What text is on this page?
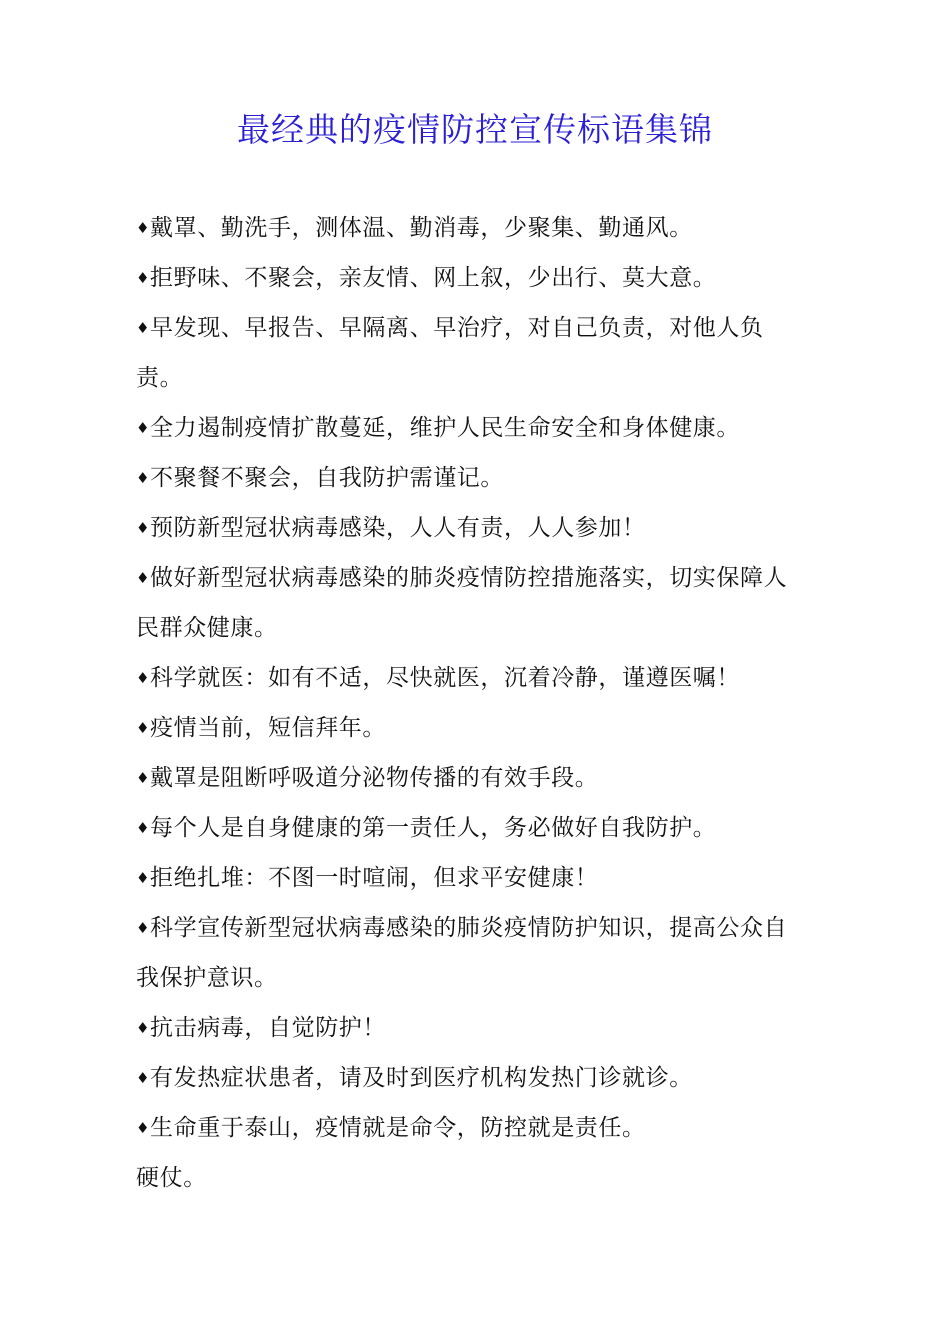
最经典的疫情防控宣传标语集锦
♦戴罩、勤洗手，测体温、勤消毒，少聚集、勤通风。
♦拒野味、不聚会，亲友情、网上叙，少出行、莫大意。
♦早发现、早报告、早隔离、早治疗，对自己负责，对他人负
责。
♦全力遏制疫情扩散蔓延，维护人民生命安全和身体健康。
♦不聚餐不聚会，自我防护需谨记。
♦预防新型冠状病毒感染，人人有责，人人参加！
♦做好新型冠状病毒感染的肺炎疫情防控措施落实，切实保障人
民群众健康。
♦科学就医：如有不适，尽快就医，沉着冷静，谨遵医嘱！
♦疫情当前，短信拜年。
♦戴罩是阻断呼吸道分泌物传播的有效手段。
♦每个人是自身健康的第一责任人，务必做好自我防护。
♦拒绝扎堆：不图一时喧闹，但求平安健康！
♦科学宣传新型冠状病毒感染的肺炎疫情防护知识，提高公众自
我保护意识。
♦抗击病毒，自觉防护！
♦有发热症状患者，请及时到医疗机构发热门诊就诊。
♦生命重于泰山，疫情就是命令，防控就是责任。
硬仗。
